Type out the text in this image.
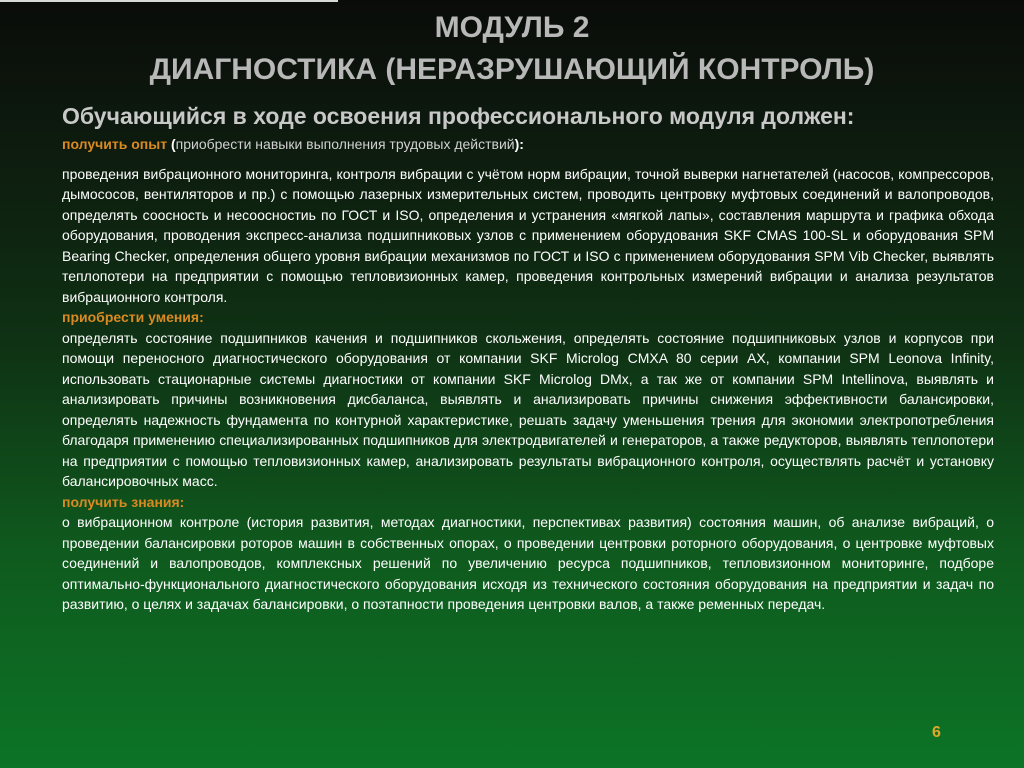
МОДУЛЬ 2
ДИАГНОСТИКА (НЕРАЗРУШАЮЩИЙ КОНТРОЛЬ)

Обучающийся в ходе освоения профессионального модуля должен:

получить опыт (приобрести навыки выполнения трудовых действий):

проведения вибрационного мониторинга, контроля вибрации с учётом норм вибрации, точной выверки нагнетателей (насосов, компрессоров, дымососов, вентиляторов и пр.) с помощью лазерных измерительных систем, проводить центровку муфтовых соединений и валопроводов, определять соосность и несоосностиь по ГОСТ и ISO, определения и устранения «мягкой лапы», составления маршрута и графика обхода оборудования, проводения экспресс-анализа подшипниковых узлов с применением оборудования SKF CMAS 100-SL и оборудования SPM Bearing Checker, определения общего уровня вибрации механизмов по ГОСТ и ISO с применением оборудования SPM Vib Checker, выявлять теплопотери на предприятии с помощью тепловизионных камер, проведения контрольных измерений вибрации и анализа результатов вибрационного контроля.

приобрести умения:

определять состояние подшипников качения и подшипников скольжения, определять состояние подшипниковых узлов и корпусов при помощи переносного диагностического оборудования от компании SKF Microlog CMXA 80 серии AX, компании SPM Leonova Infinity, использовать стационарные системы диагностики от компании SKF Microlog DMx, а так же от компании SPM Intellinova, выявлять и анализировать причины возникновения дисбаланса, выявлять и анализировать причины снижения эффективности балансировки, определять надежность фундамента по контурной характеристике, решать задачу уменьшения трения для экономии электропотребления благодаря применению специализированных подшипников для электродвигателей и генераторов, а также редукторов, выявлять теплопотери на предприятии с помощью тепловизионных камер, анализировать результаты вибрационного контроля, осуществлять расчёт и установку балансировочных масс.

получить знания:

о вибрационном контроле (история развития, методах диагностики, перспективах развития) состояния машин, об анализе вибраций, о проведении балансировки роторов машин в собственных опорах, о проведении центровки роторного оборудования, о центровке муфтовых соединений и валопроводов, комплексных решений по увеличению ресурса подшипников, тепловизионном мониторинге, подборе оптимально-функционального диагностического оборудования исходя из технического состояния оборудования на предприятии и задач по развитию, о целях и задачах балансировки, о поэтапности проведения центровки валов, а также ременных передач.

6
